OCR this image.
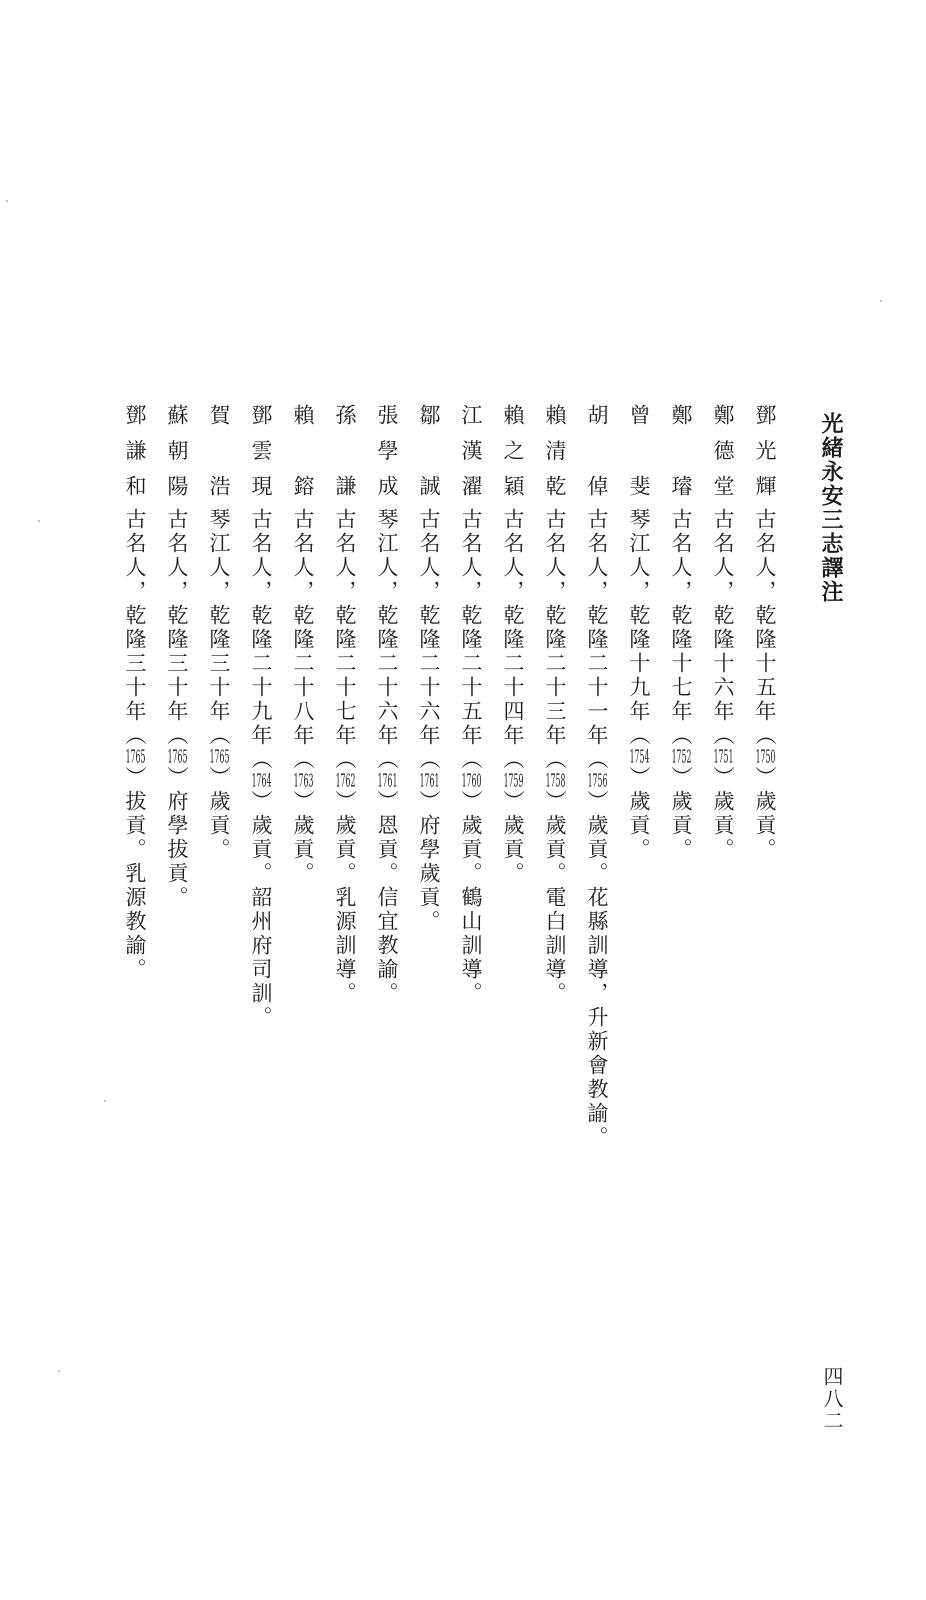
光緒永安三志譯注
鄧光輝
古名人，乾隆十五年（1750）歲貢。
鄭德堂
古名人，乾隆十六年（1751）歲貢。
鄭　璿
古名人，乾隆十七年（1752）歲貢。
曾　斐
琴江人，乾隆十九年（1754）歲貢。
胡　倬
古名人，乾隆二十一年（1756）歲貢。花縣訓導，升新會教諭。
賴清乾
古名人，乾隆二十三年（1758）歲貢。電白訓導。
賴之穎
古名人，乾隆二十四年（1759）歲貢。
江漢濯
古名人，乾隆二十五年（1760）歲貢。鶴山訓導。
鄒　誠
古名人，乾隆二十六年（1761）府學歲貢。
張學成
琴江人，乾隆二十六年（1761）恩貢。信宜教諭。
孫　謙
古名人，乾隆二十七年（1762）歲貢。乳源訓導。
賴　鎔
古名人，乾隆二十八年（1763）歲貢。
鄧雲現
古名人，乾隆二十九年（1764）歲貢。韶州府司訓。
賀　浩
琴江人，乾隆三十年（1765）歲貢。
蘇朝陽
古名人，乾隆三十年（1765）府學拔貢。
鄧謙和
古名人，乾隆三十年（1765）拔貢。乳源教諭。
四八二
